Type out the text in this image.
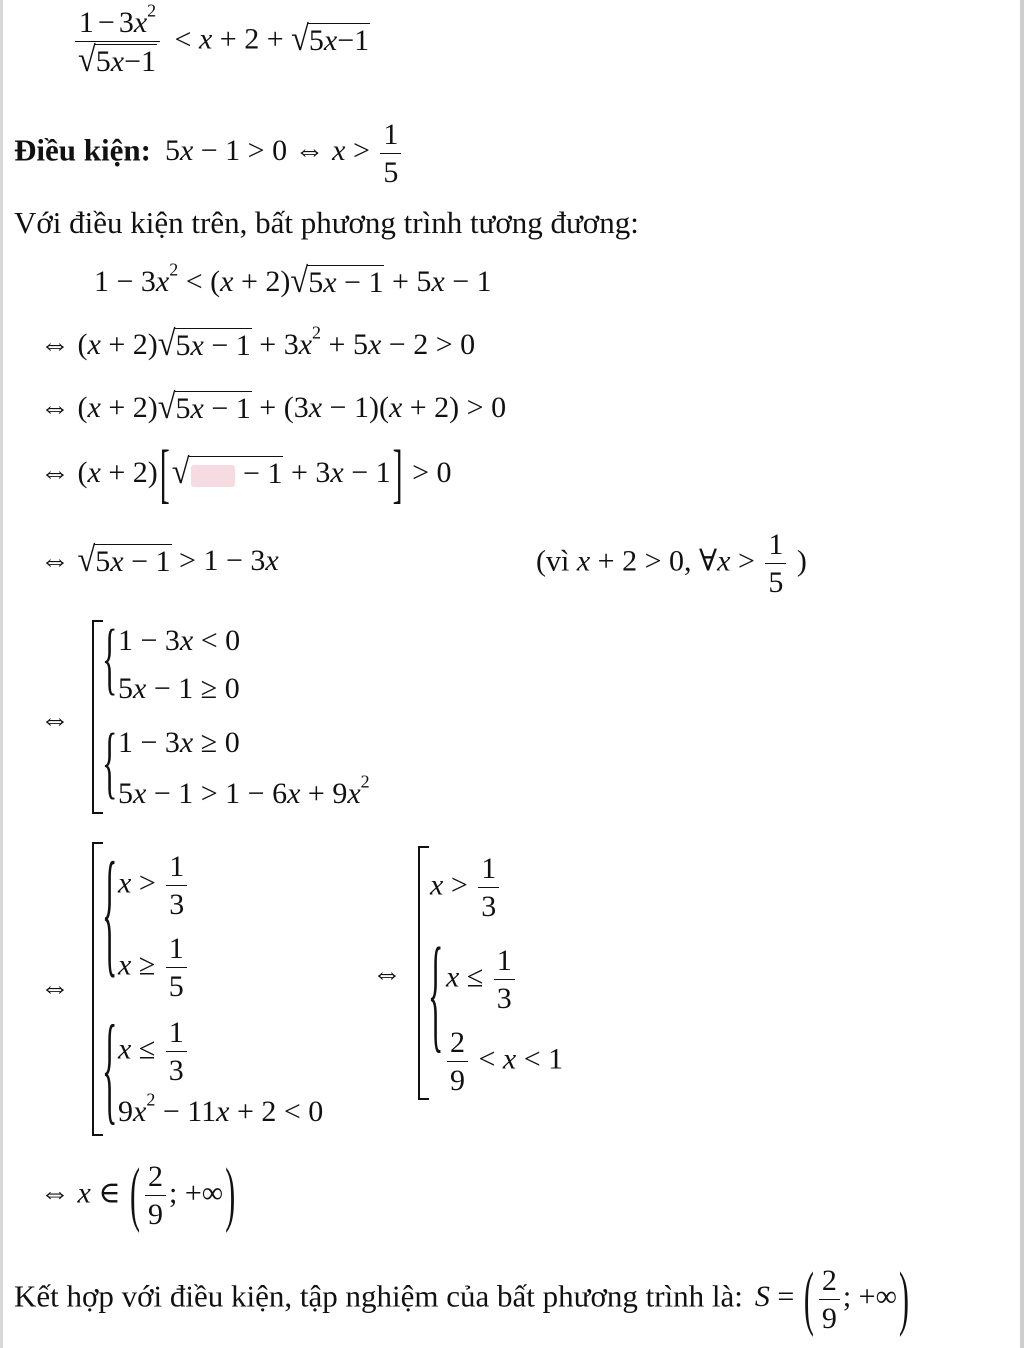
$\frac{1 - 3x^2}{√ 5x-1} < x + 2$ + √ 5x−1
Điều kiện: 5x − 1 > 0 ⇔ $x > \frac{1}{5}$
Với điều kiện trên, bất phương trình tương đương:
$1 - 3x^2 < (x + 2)$ √ 5x − 1 + 5x − 1
⇔ (x + 2) √ $5x - 1 + 3x^2 + 5x - 2 > 0$
⇔ (x + 2) √ 5x − 1 + (3x − 1)(x + 2) > 0
⇔ (x + 2)[ √	− 1 + 3x − 1] > 0
⇔ √ 5x − 1 > 1 − 3x	(vì x + 2 > 0, ∀x > $\frac{1}{5}$ )
⇔
{
{
1 − 3x < 0
5x − 1 ≥ 0
1 − 3x ≥ 0
$5x - 1 > 1 - 6x + 9x^2$
⇔ {
{
$x > \frac{1}{3}$
$x \ge \frac{1}{5}$
$x \le \frac{1}{3}$
$9x^2 - 11x + 2 < 0$
⇔ {
$x > \frac{1}{3}$
$x \le \frac{1}{3}$
$\frac{2}{9} < x < 1$
⇔ x ∈ ( $\frac{2}{9}$ ; +∞)
Kết hợp với điều kiện, tập nghiệm của bất phương trình là: S = ( $\frac{2}{9}$ ; +∞)
